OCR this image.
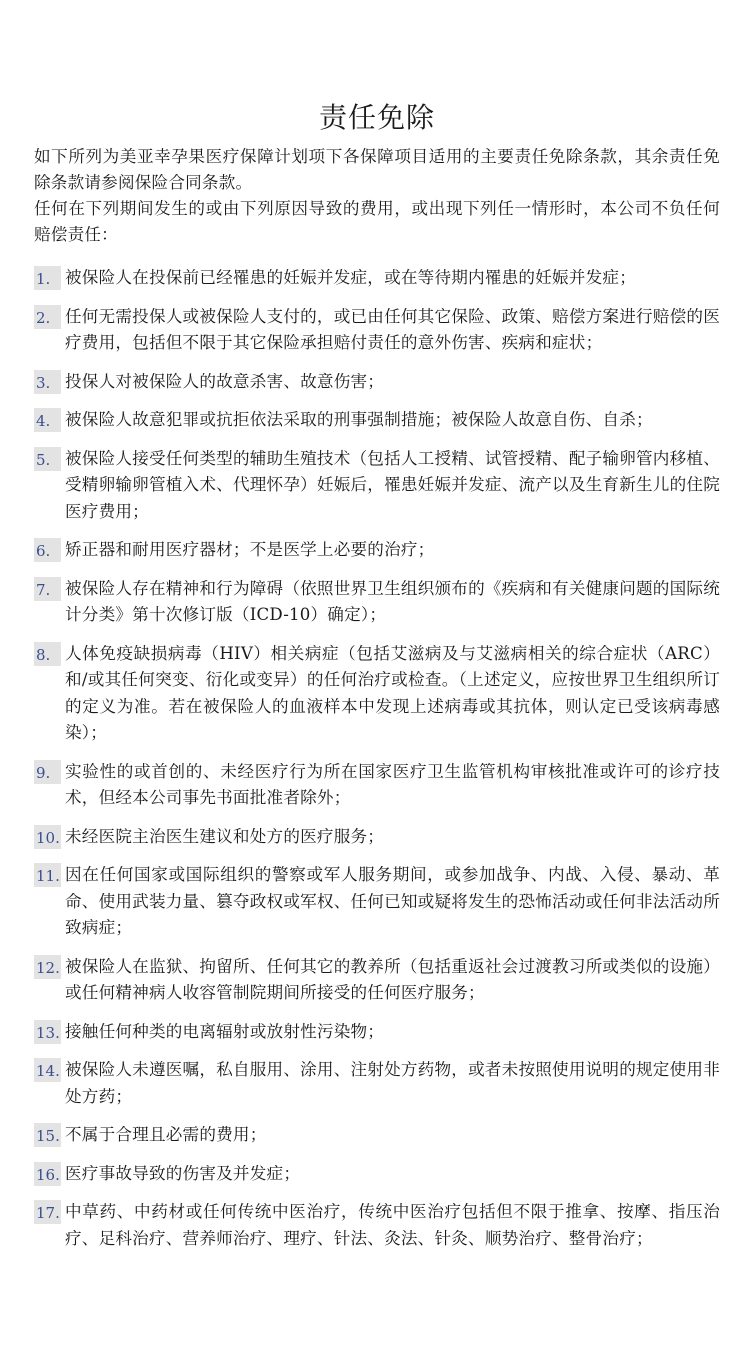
责任免除

如下所列为美亚幸孕果医疗保障计划项下各保障项目适用的主要责任免除条款，其余责任免除条款请参阅保险合同条款。

任何在下列期间发生的或由下列原因导致的费用，或出现下列任一情形时，本公司不负任何赔偿责任：

1. 被保险人在投保前已经罹患的妊娠并发症，或在等待期内罹患的妊娠并发症；
2. 任何无需投保人或被保险人支付的，或已由任何其它保险、政策、赔偿方案进行赔偿的医疗费用，包括但不限于其它保险承担赔付责任的意外伤害、疾病和症状；
3. 投保人对被保险人的故意杀害、故意伤害；
4. 被保险人故意犯罪或抗拒依法采取的刑事强制措施；被保险人故意自伤、自杀；
5. 被保险人接受任何类型的辅助生殖技术（包括人工授精、试管授精、配子输卵管内移植、受精卵输卵管植入术、代理怀孕）妊娠后，罹患妊娠并发症、流产以及生育新生儿的住院医疗费用；
6. 矫正器和耐用医疗器材；不是医学上必要的治疗；
7. 被保险人存在精神和行为障碍（依照世界卫生组织颁布的《疾病和有关健康问题的国际统计分类》第十次修订版（ICD-10）确定）；
8. 人体免疫缺损病毒（HIV）相关病症（包括艾滋病及与艾滋病相关的综合症状（ARC）和/或其任何突变、衍化或变异）的任何治疗或检查。（上述定义，应按世界卫生组织所订的定义为准。若在被保险人的血液样本中发现上述病毒或其抗体，则认定已受该病毒感染）；
9. 实验性的或首创的、未经医疗行为所在国家医疗卫生监管机构审核批准或许可的诊疗技术，但经本公司事先书面批准者除外；
10. 未经医院主治医生建议和处方的医疗服务；
11. 因在任何国家或国际组织的警察或军人服务期间，或参加战争、内战、入侵、暴动、革命、使用武装力量、篡夺政权或军权、任何已知或疑将发生的恐怖活动或任何非法活动所致病症；
12. 被保险人在监狱、拘留所、任何其它的教养所（包括重返社会过渡教习所或类似的设施）或任何精神病人收容管制院期间所接受的任何医疗服务；
13. 接触任何种类的电离辐射或放射性污染物；
14. 被保险人未遵医嘱，私自服用、涂用、注射处方药物，或者未按照使用说明的规定使用非处方药；
15. 不属于合理且必需的费用；
16. 医疗事故导致的伤害及并发症；
17. 中草药、中药材或任何传统中医治疗，传统中医治疗包括但不限于推拿、按摩、指压治疗、足科治疗、营养师治疗、理疗、针法、灸法、针灸、顺势治疗、整骨治疗；
